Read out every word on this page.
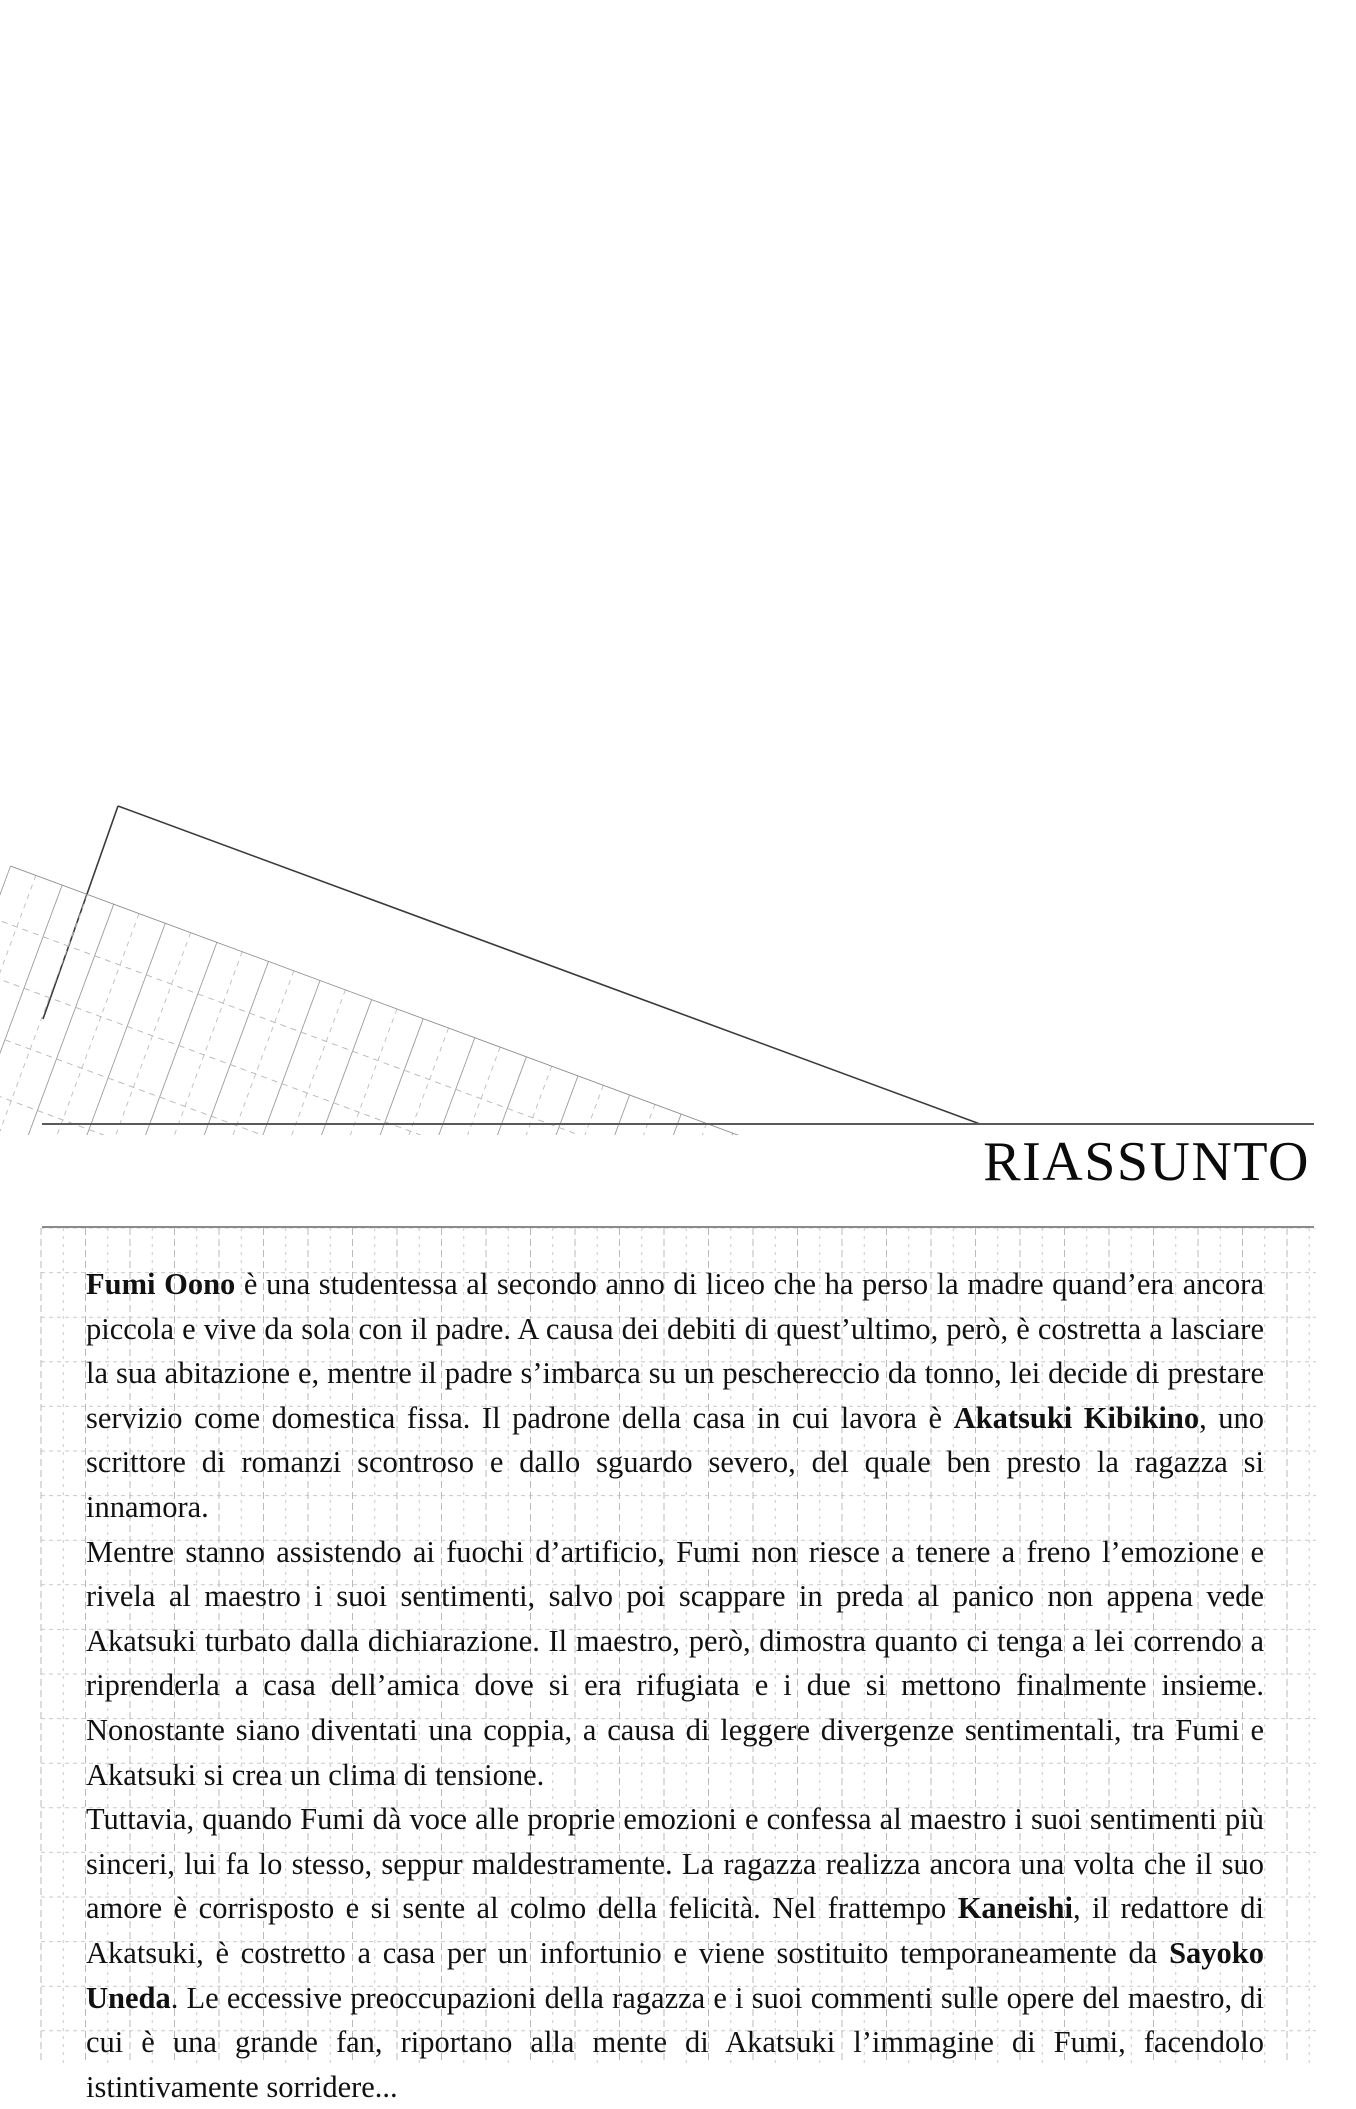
RIASSUNTO

Fumi Oono è una studentessa al secondo anno di liceo che ha perso la madre quand’era ancora piccola e vive da sola con il padre. A causa dei debiti di quest’ultimo, però, è costretta a lasciare la sua abitazione e, mentre il padre s’imbarca su un peschereccio da tonno, lei decide di prestare servizio come domestica fissa. Il padrone della casa in cui lavora è Akatsuki Kibikino, uno scrittore di romanzi scontroso e dallo sguardo severo, del quale ben presto la ragazza si innamora.

Mentre stanno assistendo ai fuochi d’artificio, Fumi non riesce a tenere a freno l’emozione e rivela al maestro i suoi sentimenti, salvo poi scappare in preda al panico non appena vede Akatsuki turbato dalla dichiarazione. Il maestro, però, dimostra quanto ci tenga a lei correndo a riprenderla a casa dell’amica dove si era rifugiata e i due si mettono finalmente insieme. Nonostante siano diventati una coppia, a causa di leggere divergenze sentimentali, tra Fumi e Akatsuki si crea un clima di tensione.

Tuttavia, quando Fumi dà voce alle proprie emozioni e confessa al maestro i suoi sentimenti più sinceri, lui fa lo stesso, seppur maldestramente. La ragazza realizza ancora una volta che il suo amore è corrisposto e si sente al colmo della felicità. Nel frattempo Kaneishi, il redattore di Akatsuki, è costretto a casa per un infortunio e viene sostituito temporaneamente da Sayoko Uneda. Le eccessive preoccupazioni della ragazza e i suoi commenti sulle opere del maestro, di cui è una grande fan, riportano alla mente di Akatsuki l’immagine di Fumi, facendolo istintivamente sorridere...
